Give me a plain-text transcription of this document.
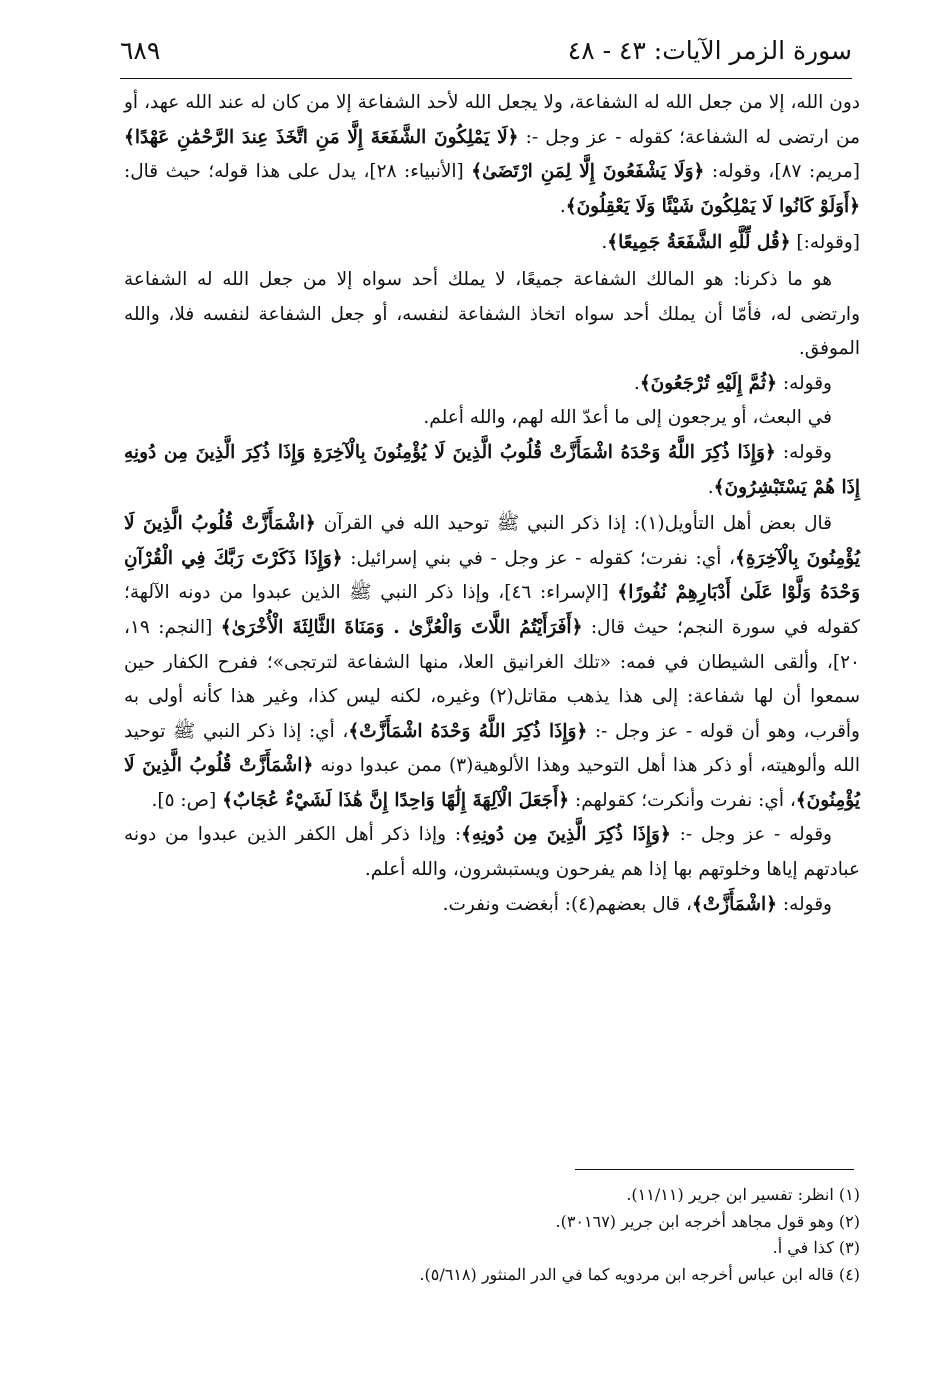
سورة الزمر الآيات: ٤٣ - ٤٨
٦٨٩

دون الله، إلا من جعل الله له الشفاعة، ولا يجعل الله لأحد الشفاعة إلا من كان له عند الله عهد، أو من ارتضى له الشفاعة؛ كقوله - عز وجل -: ﴿لَا يَمْلِكُونَ الشَّفَعَةَ إِلَّا مَنِ اتَّخَذَ عِندَ الرَّحْمَٰنِ عَهْدًا﴾ [مريم: ٨٧]، وقوله: ﴿وَلَا يَشْفَعُونَ إِلَّا لِمَنِ ارْتَضَىٰ﴾ [الأنبياء: ٢٨]، يدل على هذا قوله؛ حيث قال: ﴿أَوَلَوْ كَانُوا لَا يَمْلِكُونَ شَيْئًا وَلَا يَعْقِلُونَ﴾.

[وقوله:] ﴿قُل لِّلَّهِ الشَّفَعَةُ جَمِيعًا﴾.

هو ما ذكرنا: هو المالك الشفاعة جميعًا، لا يملك أحد سواه إلا من جعل الله له الشفاعة وارتضى له، فأمّا أن يملك أحد سواه اتخاذ الشفاعة لنفسه، أو جعل الشفاعة لنفسه فلا، والله الموفق.

وقوله: ﴿ثُمَّ إِلَيْهِ تُرْجَعُونَ﴾.

في البعث، أو يرجعون إلى ما أعدّ الله لهم، والله أعلم.

وقوله: ﴿وَإِذَا ذُكِرَ اللَّهُ وَحْدَهُ اشْمَأَزَّتْ قُلُوبُ الَّذِينَ لَا يُؤْمِنُونَ بِالْآخِرَةِ وَإِذَا ذُكِرَ الَّذِينَ مِن دُونِهِ إِذَا هُمْ يَسْتَبْشِرُونَ﴾.

قال بعض أهل التأويل(١): إذا ذكر النبي ﷺ توحيد الله في القرآن ﴿اشْمَأَزَّتْ قُلُوبُ الَّذِينَ لَا يُؤْمِنُونَ بِالْآخِرَةِ﴾، أي: نفرت؛ كقوله - عز وجل - في بني إسرائيل: ﴿وَإِذَا ذَكَرْتَ رَبَّكَ فِي الْقُرْآنِ وَحْدَهُ وَلَّوْا عَلَىٰ أَدْبَارِهِمْ نُفُورًا﴾ [الإسراء: ٤٦]، وإذا ذكر النبي ﷺ الذين عبدوا من دونه الآلهة؛ كقوله في سورة النجم؛ حيث قال: ﴿أَفَرَأَيْتُمُ اللَّاتَ وَالْعُزَّىٰ . وَمَنَاةَ الثَّالِثَةَ الْأُخْرَىٰ﴾ [النجم: ١٩، ٢٠]، وألقى الشيطان في فمه: «تلك الغرانيق العلا، منها الشفاعة لترتجى»؛ ففرح الكفار حين سمعوا أن لها شفاعة: إلى هذا يذهب مقاتل(٢) وغيره، لكنه ليس كذا، وغير هذا كأنه أولى به وأقرب، وهو أن قوله - عز وجل -: ﴿وَإِذَا ذُكِرَ اللَّهُ وَحْدَهُ اشْمَأَزَّتْ﴾، أي: إذا ذكر النبي ﷺ توحيد الله وألوهيته، أو ذكر هذا أهل التوحيد وهذا الألوهية(٣) ممن عبدوا دونه ﴿اشْمَأَزَّتْ قُلُوبُ الَّذِينَ لَا يُؤْمِنُونَ﴾، أي: نفرت وأنكرت؛ كقولهم: ﴿أَجَعَلَ الْآلِهَةَ إِلَٰهًا وَاحِدًا إِنَّ هَٰذَا لَشَيْءٌ عُجَابٌ﴾ [ص: ٥].

وقوله - عز وجل -: ﴿وَإِذَا ذُكِرَ الَّذِينَ مِن دُونِهِ﴾: وإذا ذكر أهل الكفر الذين عبدوا من دونه عبادتهم إياها وخلوتهم بها إذا هم يفرحون ويستبشرون، والله أعلم.

وقوله: ﴿اشْمَأَزَّتْ﴾، قال بعضهم(٤): أبغضت ونفرت.

(١) انظر: تفسير ابن جرير (١١/١١).
(٢) وهو قول مجاهد أخرجه ابن جرير (٣٠١٦٧).
(٣) كذا في أ.
(٤) قاله ابن عباس أخرجه ابن مردويه كما في الدر المنثور (٥/٦١٨).
